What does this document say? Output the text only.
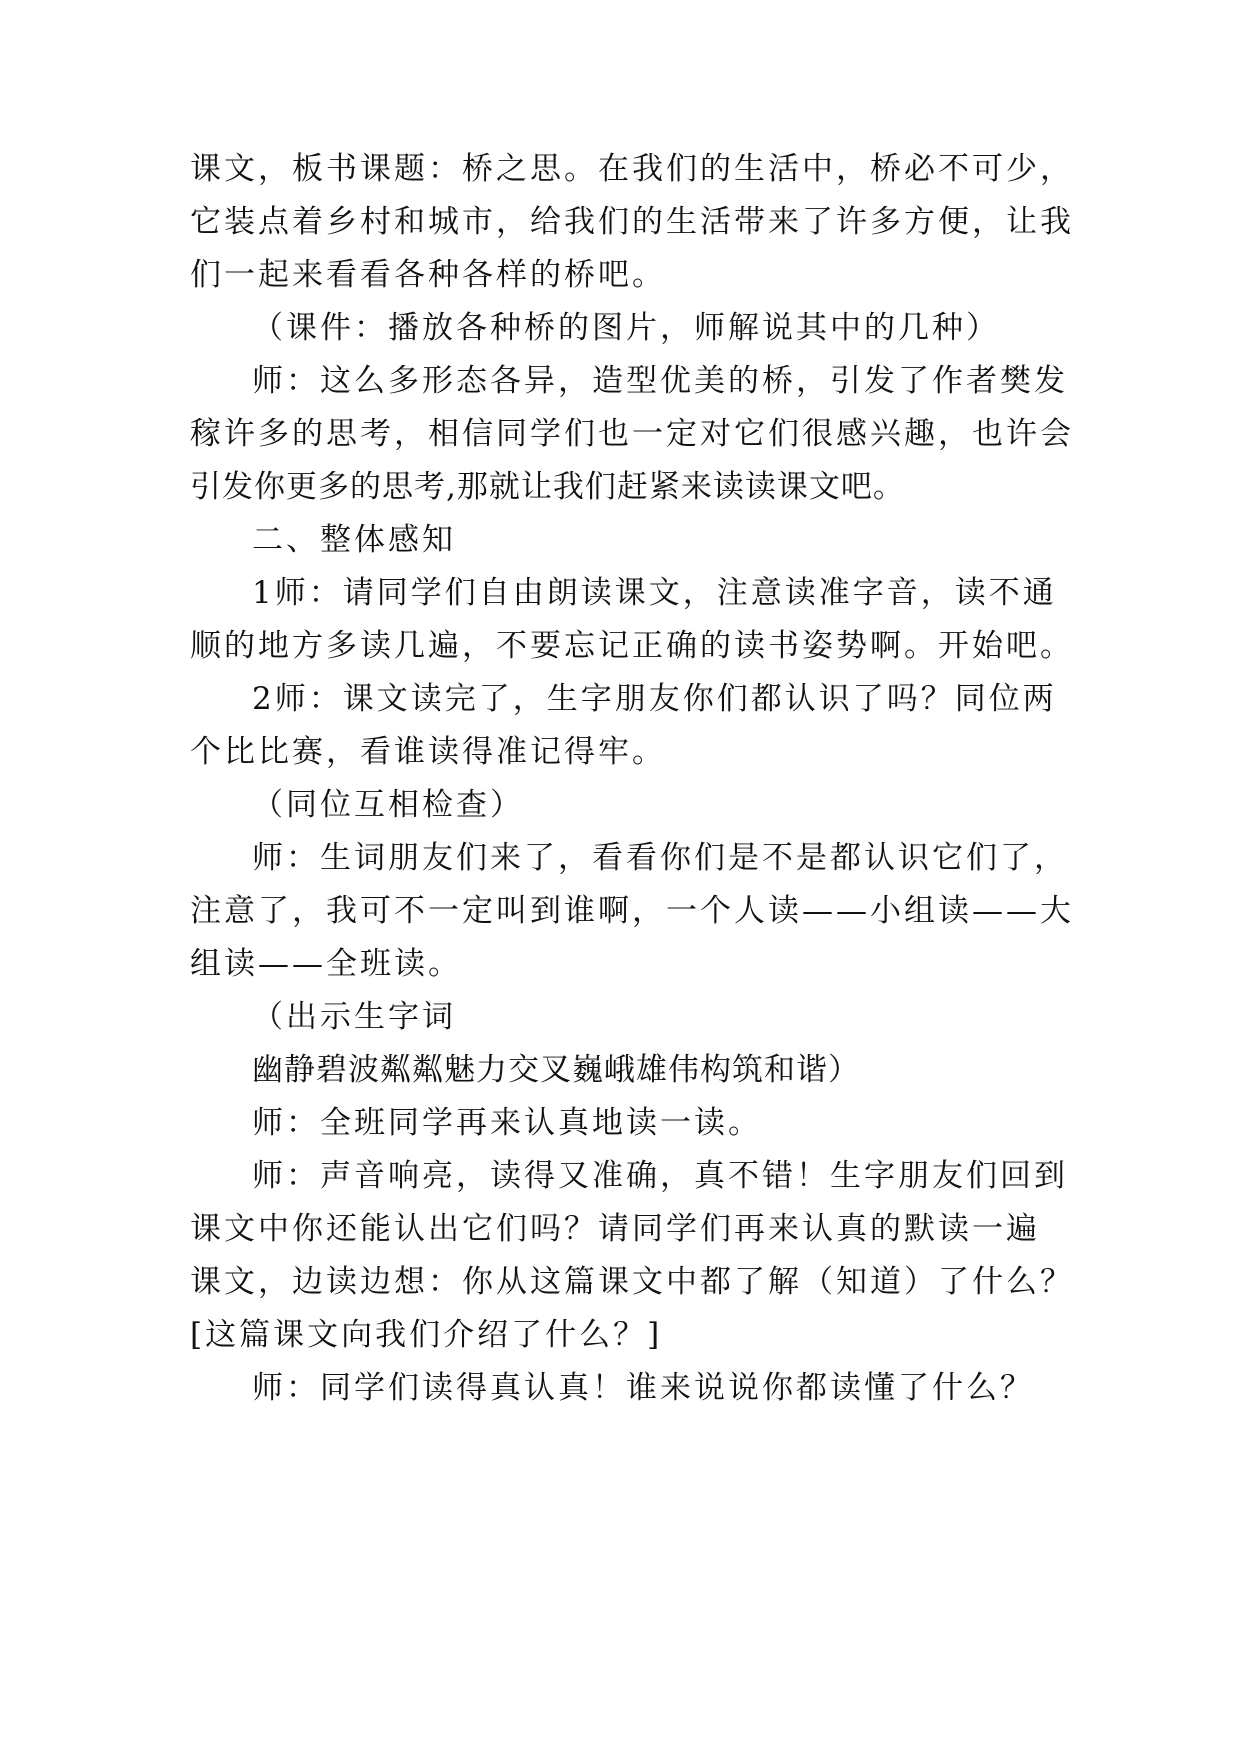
课文，板书课题：桥之思。在我们的生活中，桥必不可少，
它装点着乡村和城市，给我们的生活带来了许多方便，让我
们一起来看看各种各样的桥吧。
（课件：播放各种桥的图片，师解说其中的几种）
师：这么多形态各异，造型优美的桥，引发了作者樊发
稼许多的思考，相信同学们也一定对它们很感兴趣，也许会
引发你更多的思考,那就让我们赶紧来读读课文吧。
二、整体感知
1师：请同学们自由朗读课文，注意读准字音，读不通
顺的地方多读几遍，不要忘记正确的读书姿势啊。开始吧。
2师：课文读完了，生字朋友你们都认识了吗？同位两
个比比赛，看谁读得准记得牢。
（同位互相检查）
师：生词朋友们来了，看看你们是不是都认识它们了，
注意了，我可不一定叫到谁啊，一个人读——小组读——大
组读——全班读。
（出示生字词
幽静碧波粼粼魅力交叉巍峨雄伟构筑和谐）
师：全班同学再来认真地读一读。
师：声音响亮，读得又准确，真不错！生字朋友们回到
课文中你还能认出它们吗？请同学们再来认真的默读一遍
课文，边读边想：你从这篇课文中都了解（知道）了什么？
[这篇课文向我们介绍了什么？]
师：同学们读得真认真！谁来说说你都读懂了什么？
